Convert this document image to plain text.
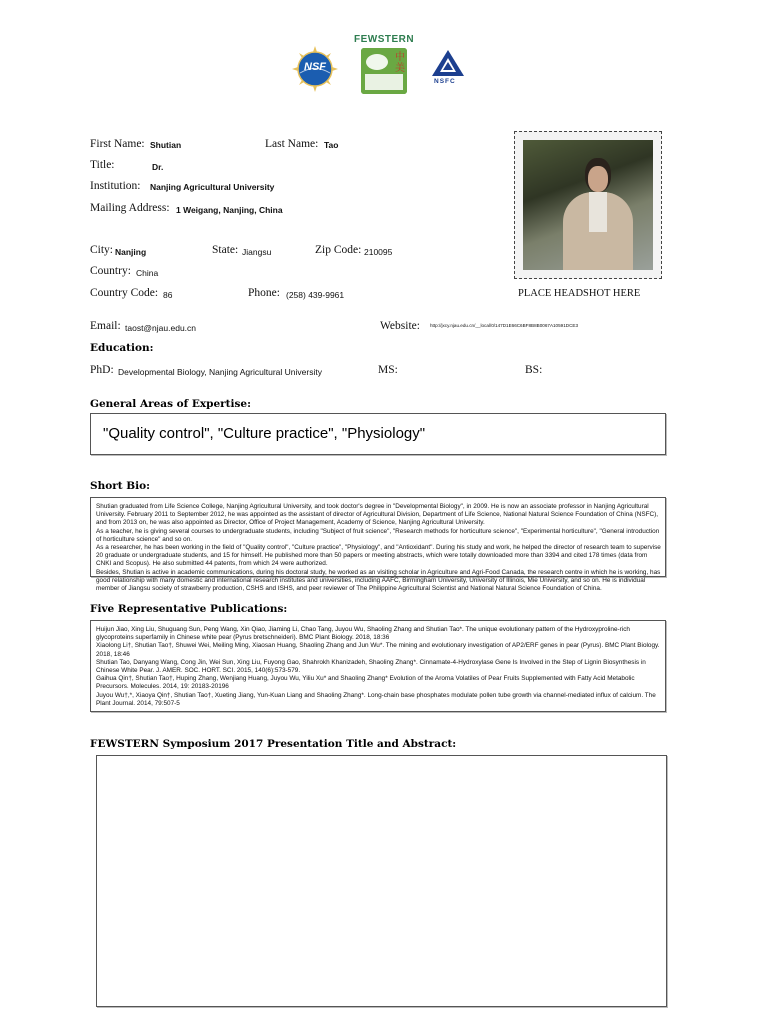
NSF
FEWSTERN
中
美
NSFC
PLACE HEADSHOT HERE
First Name: Shutian	Last Name: Tao
Title:	Dr.
Institution: Nanjing Agricultural University
Mailing Address: 1 Weigang, Nanjing, China
City: Nanjing	State: Jiangsu	Zip Code: 210095
Country: China
Country Code: 86	Phone: (258) 439-9961
Email: taost@njau.edu.cn	Website: http://jxcy.njau.edu.cn/__local/0/147D1E66C6BF8B8B0067A10591DCE3
Education:
PhD: Developmental Biology, Nanjing Agricultural University	MS:	BS:
General Areas of Expertise:
"Quality control", "Culture practice", "Physiology"
Short Bio:

Shutian graduated from Life Science College, Nanjing Agricultural University, and took doctor's degree in "Developmental Biology", in 2009. He is now an associate professor in Nanjing Agricultural University. February 2011 to September 2012, he was appointed as the assistant of director of Agricultural Division, Department of Life Science, National Natural Science Foundation of China (NSFC), and from 2013 on, he was also appointed as Director, Office of Project Management, Academy of Science, Nanjing Agricultural University.

As a teacher, he is giving several courses to undergraduate students, including "Subject of fruit science", "Research methods for horticulture science", "Experimental horticulture", "General introduction of horticulture science" and so on.

As a researcher, he has been working in the field of "Quality control", "Culture practice", "Physiology", and "Antioxidant". During his study and work, he helped the director of research team to supervise 20 graduate or undergraduate students, and 15 for himself. He published more than 50 papers or meeting abstracts, which were totally downloaded more than 3394 and cited 178 times (data from CNKI and Scopus). He also submitted 44 patents, from which 24 were authorized.

Besides, Shutian is active in academic communications, during his doctoral study, he worked as an visiting scholar in Agriculture and Agri-Food Canada, the research centre in which he is working, has good relationship with many domestic and international research institutes and universities, including AAFC, Birmingham University, University of Illinois, Mie University, and so on. He is individual member of Jiangsu society of strawberry production, CSHS and ISHS, and peer reviewer of The Philippine Agricultural Scientist and National Natural Science Foundation of China.

Five Representative Publications:

Huijun Jiao, Xing Liu, Shuguang Sun, Peng Wang, Xin Qiao, Jiaming Li, Chao Tang, Juyou Wu, Shaoling Zhang and Shutian Tao*. The unique evolutionary pattern of the Hydroxyproline-rich glycoproteins superfamily in Chinese white pear (Pyrus bretschneideri). BMC Plant Biology. 2018, 18:36

Xiaolong Li†, Shutian Tao†, Shuwei Wei, Meiling Ming, Xiaosan Huang, Shaoling Zhang and Jun Wu*. The mining and evolutionary investigation of AP2/ERF genes in pear (Pyrus). BMC Plant Biology. 2018, 18:46

Shutian Tao, Danyang Wang, Cong Jin, Wei Sun, Xing Liu, Fuyong Gao, Shahrokh Khanizadeh, Shaoling Zhang*. Cinnamate-4-Hydroxylase Gene Is Involved in the Step of Lignin Biosynthesis in Chinese White Pear. J. AMER. SOC. HORT. SCI. 2015, 140(6):573-579.

Gaihua Qin†, Shutian Tao†, Huping Zhang, Wenjiang Huang, Juyou Wu, Yiliu Xu* and Shaoling Zhang* Evolution of the Aroma Volatiles of Pear Fruits Supplemented with Fatty Acid Metabolic Precursors. Molecules. 2014, 19: 20183-20196

Juyou Wu†,*, Xiaoya Qin†, Shutian Tao†, Xueting Jiang, Yun-Kuan Liang and Shaoling Zhang*. Long-chain base phosphates modulate pollen tube growth via channel-mediated influx of calcium. The Plant Journal. 2014, 79:507-5

FEWSTERN Symposium 2017 Presentation Title and Abstract:
